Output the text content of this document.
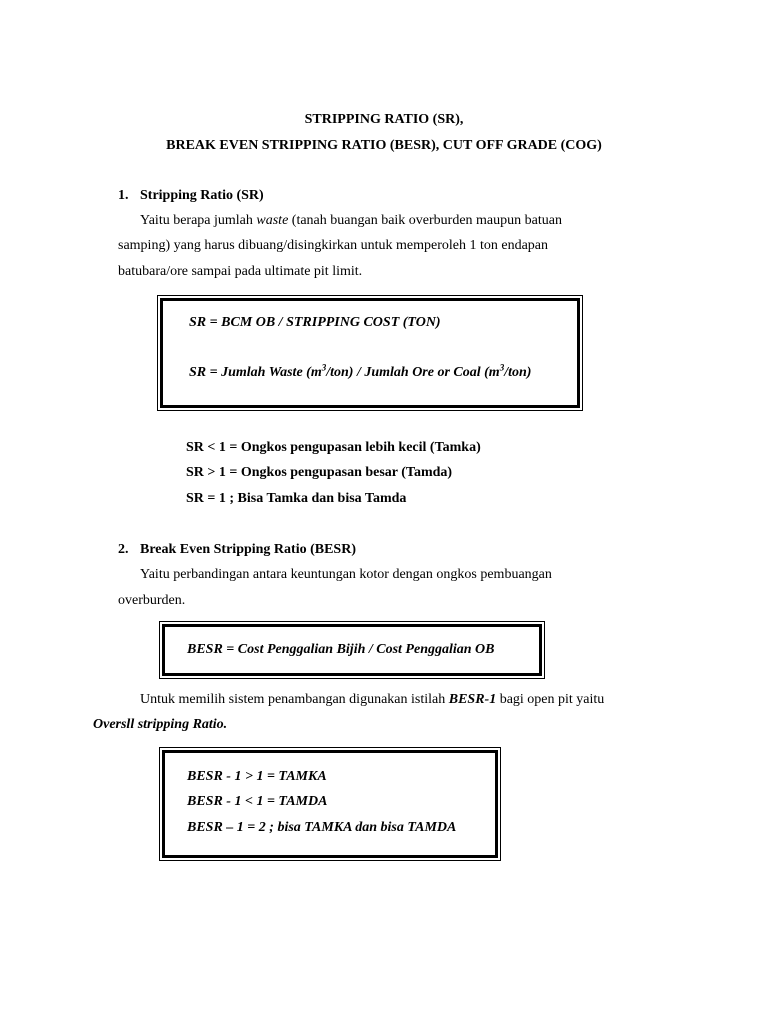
STRIPPING RATIO (SR),
BREAK EVEN STRIPPING RATIO (BESR), CUT OFF GRADE (COG)
1. Stripping Ratio (SR)
Yaitu berapa jumlah waste (tanah buangan baik overburden maupun batuan
samping) yang harus dibuang/disingkirkan untuk memperoleh 1 ton endapan
batubara/ore sampai pada ultimate pit limit.
SR = BCM OB / STRIPPING COST (TON)
SR = Jumlah Waste $(m^3/ton)$ / Jumlah Ore or Coal $(m^3/ton)$
SR < 1 = Ongkos pengupasan lebih kecil (Tamka)
SR > 1 = Ongkos pengupasan besar (Tamda)
SR = 1 ; Bisa Tamka dan bisa Tamda
2. Break Even Stripping Ratio (BESR)
Yaitu perbandingan antara keuntungan kotor dengan ongkos pembuangan
overburden.
BESR = Cost Penggalian Bijih / Cost Penggalian OB
Untuk memilih sistem penambangan digunakan istilah BESR-1 bagi open pit yaitu
Oversll stripping Ratio.
BESR - 1 > 1 = TAMKA
BESR - 1 < 1 = TAMDA
BESR – 1 = 2 ; bisa TAMKA dan bisa TAMDA
